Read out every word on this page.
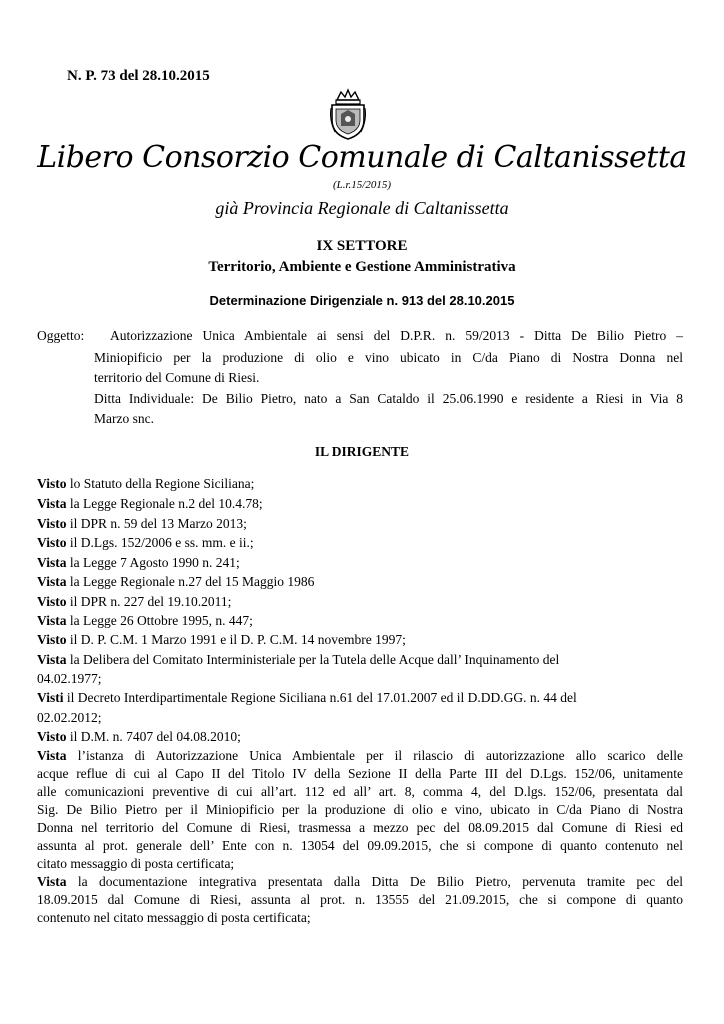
N. P. 73 del 28.10.2015
Libero Consorzio Comunale di Caltanissetta
(L.r.15/2015)
già Provincia Regionale di Caltanissetta
IX SETTORE
Territorio, Ambiente e Gestione Amministrativa
Determinazione Dirigenziale n. 913 del 28.10.2015
Oggetto: Autorizzazione Unica Ambientale ai sensi del D.P.R. n. 59/2013 - Ditta De Bilio Pietro –
Miniopificio per la produzione di olio e vino ubicato in C/da Piano di Nostra Donna nel
territorio del Comune di Riesi.
Ditta Individuale: De Bilio Pietro, nato a San Cataldo il 25.06.1990 e residente a Riesi in Via 8
Marzo snc.
IL DIRIGENTE
Visto lo Statuto della Regione Siciliana;
Vista la Legge Regionale n.2 del 10.4.78;
Visto il DPR n. 59 del 13 Marzo 2013;
Visto il D.Lgs. 152/2006 e ss. mm. e ii.;
Vista la Legge 7 Agosto 1990 n. 241;
Vista la Legge Regionale n.27 del 15 Maggio 1986
Visto il DPR n. 227 del 19.10.2011;
Vista la Legge 26 Ottobre 1995, n. 447;
Visto il D. P. C.M. 1 Marzo 1991 e il D. P. C.M. 14 novembre 1997;
Vista la Delibera del Comitato Interministeriale per la Tutela delle Acque dall’ Inquinamento del
04.02.1977;
Visti il Decreto Interdipartimentale Regione Siciliana n.61 del 17.01.2007 ed il D.DD.GG. n. 44 del
02.02.2012;
Visto il D.M. n. 7407 del 04.08.2010;
Vista l’istanza di Autorizzazione Unica Ambientale per il rilascio di autorizzazione allo scarico delle
acque reflue di cui al Capo II del Titolo IV della Sezione II della Parte III del D.Lgs. 152/06, unitamente
alle comunicazioni preventive di cui all’art. 112 ed all’ art. 8, comma 4, del D.lgs. 152/06, presentata dal
Sig. De Bilio Pietro per il Miniopificio per la produzione di olio e vino, ubicato in C/da Piano di Nostra
Donna nel territorio del Comune di Riesi, trasmessa a mezzo pec del 08.09.2015 dal Comune di Riesi ed
assunta al prot. generale dell’ Ente con n. 13054 del 09.09.2015, che si compone di quanto contenuto nel
citato messaggio di posta certificata;
Vista la documentazione integrativa presentata dalla Ditta De Bilio Pietro, pervenuta tramite pec del
18.09.2015 dal Comune di Riesi, assunta al prot. n. 13555 del 21.09.2015, che si compone di quanto
contenuto nel citato messaggio di posta certificata;
